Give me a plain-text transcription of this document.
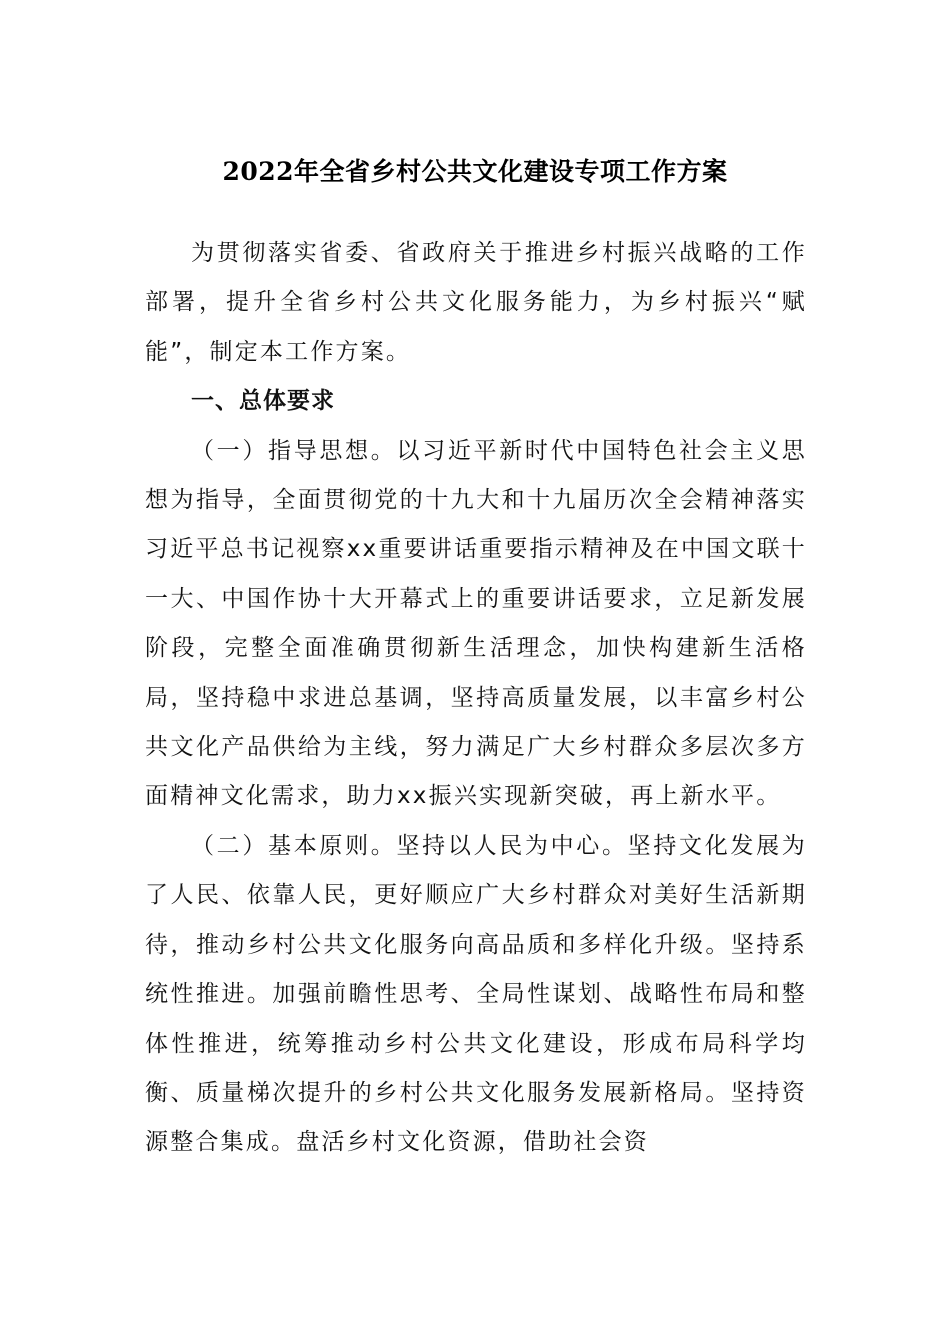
2022年全省乡村公共文化建设专项工作方案

为贯彻落实省委、省政府关于推进乡村振兴战略的工作部署，提升全省乡村公共文化服务能力，为乡村振兴“赋能”，制定本工作方案。

一、总体要求

（一）指导思想。以习近平新时代中国特色社会主义思想为指导，全面贯彻党的十九大和十九届历次全会精神落实习近平总书记视察xx重要讲话重要指示精神及在中国文联十一大、中国作协十大开幕式上的重要讲话要求，立足新发展阶段，完整全面准确贯彻新生活理念，加快构建新生活格局，坚持稳中求进总基调，坚持高质量发展，以丰富乡村公共文化产品供给为主线，努力满足广大乡村群众多层次多方面精神文化需求，助力xx振兴实现新突破，再上新水平。

（二）基本原则。坚持以人民为中心。坚持文化发展为了人民、依靠人民，更好顺应广大乡村群众对美好生活新期待，推动乡村公共文化服务向高品质和多样化升级。坚持系统性推进。加强前瞻性思考、全局性谋划、战略性布局和整体性推进，统筹推动乡村公共文化建设，形成布局科学均衡、质量梯次提升的乡村公共文化服务发展新格局。坚持资源整合集成。盘活乡村文化资源，借助社会资
